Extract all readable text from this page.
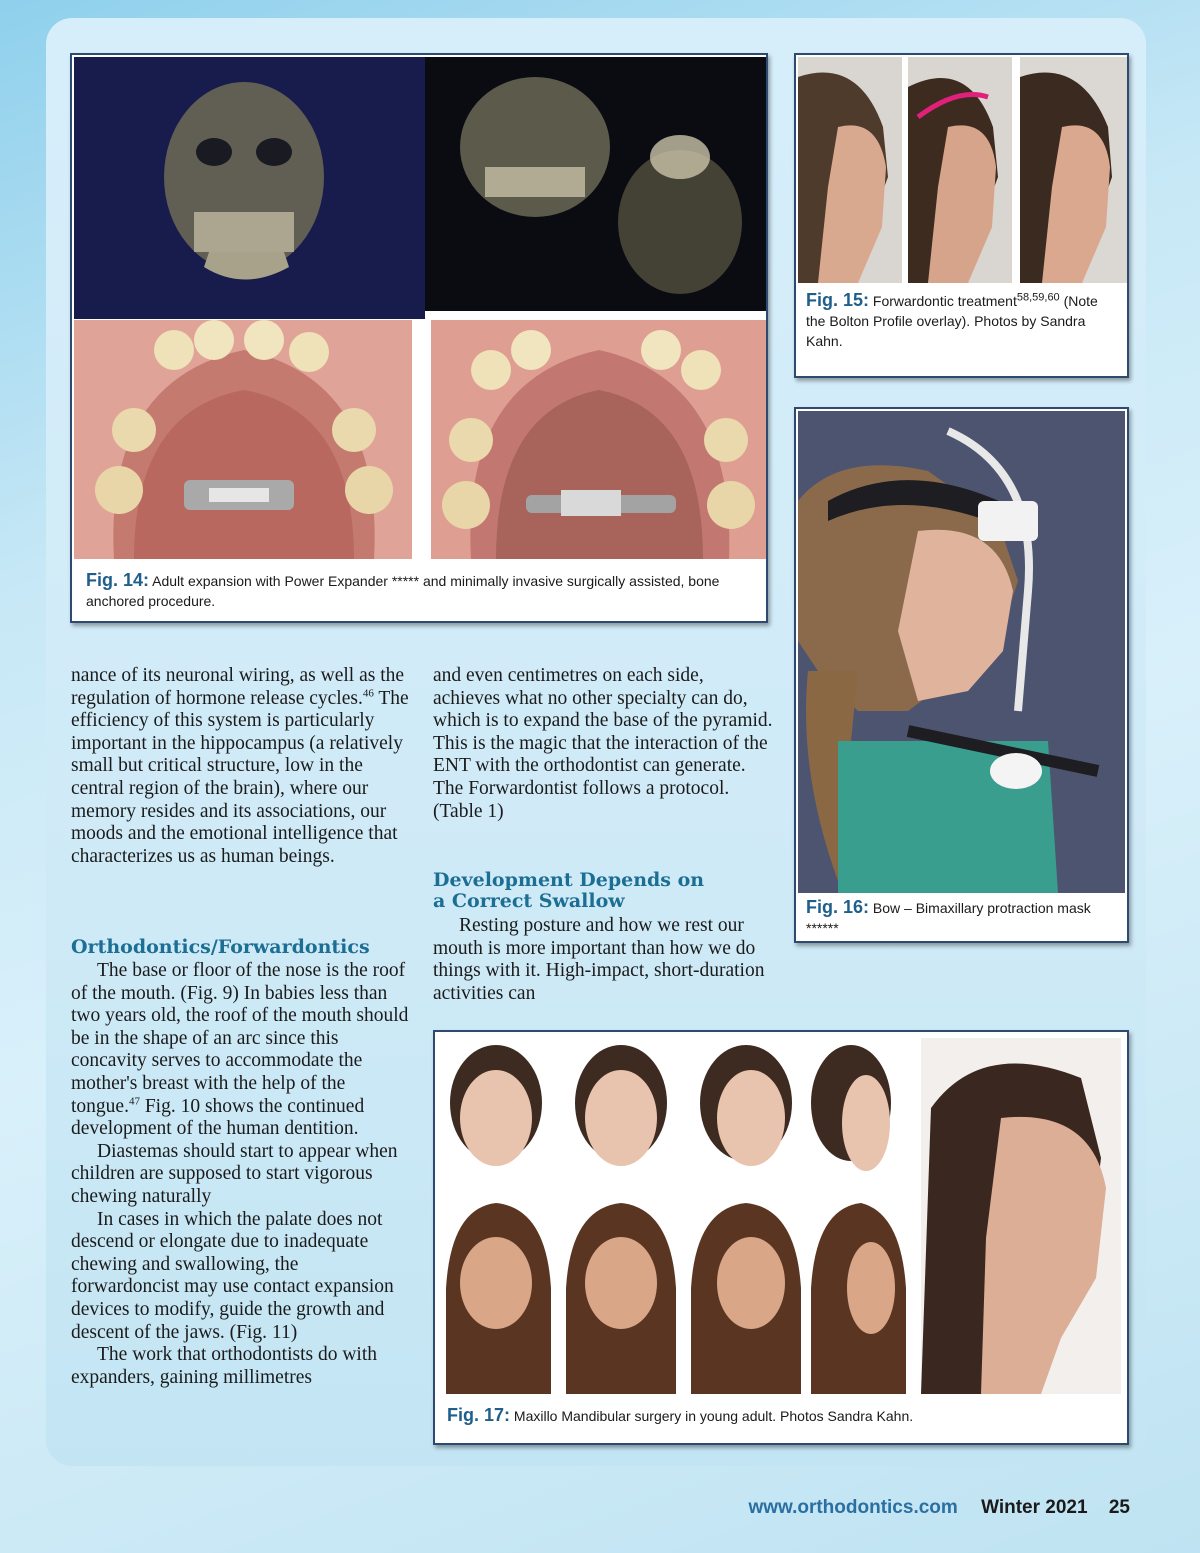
Fig. 14: Adult expansion with Power Expander ***** and minimally invasive surgically assisted, bone anchored procedure.
Fig. 15: Forwardontic treatment$^{58,59,60}$ (Note the Bolton Profile overlay). Photos by Sandra Kahn.
Fig. 16: Bow – Bimaxillary protraction mask ******
Fig. 17: Maxillo Mandibular surgery in young adult. Photos Sandra Kahn.

nance of its neuronal wiring, as well as the regulation of hormone release cycles.$^{46}$ The efficiency of this system is particularly important in the hippocampus (a relatively small but critical structure, low in the central region of the brain), where our memory resides and its associations, our moods and the emotional intelligence that characterizes us as human beings.

Orthodontics/Forwardontics

The base or floor of the nose is the roof of the mouth. (Fig. 9) In babies less than two years old, the roof of the mouth should be in the shape of an arc since this concavity serves to accommodate the mother's breast with the help of the tongue.$^{47}$ Fig. 10 shows the continued development of the human dentition.

Diastemas should start to appear when children are supposed to start vigorous chewing naturally

In cases in which the palate does not descend or elongate due to inadequate chewing and swallowing, the forwardoncist may use contact expansion devices to modify, guide the growth and descent of the jaws. (Fig. 11)

The work that orthodontists do with expanders, gaining millimetres

and even centimetres on each side, achieves what no other specialty can do, which is to expand the base of the pyramid. This is the magic that the interaction of the ENT with the orthodontist can generate. The Forwardontist follows a protocol. (Table 1)

Development Depends on
a Correct Swallow

Resting posture and how we rest our mouth is more important than how we do things with it. High-impact, short-duration activities can

www.orthodontics.com Winter 2021 25
